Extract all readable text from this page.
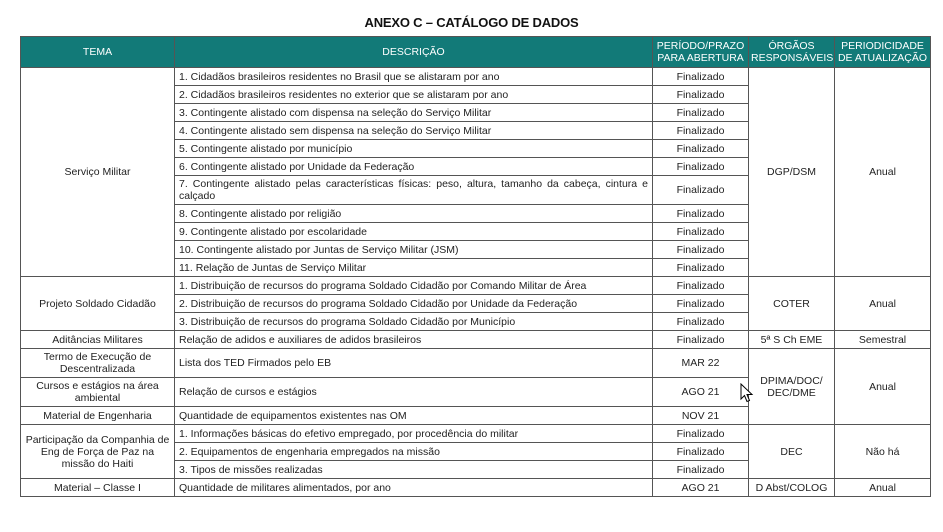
ANEXO C – CATÁLOGO DE DADOS
TEMA	DESCRIÇÃO	PERÍODO/PRAZO PARA ABERTURA	ÓRGÃOS RESPONSÁVEIS	PERIODICIDADE DE ATUALIZAÇÃO
Serviço Militar	1. Cidadãos brasileiros residentes no Brasil que se alistaram por ano	Finalizado	DGP/DSM	Anual
	2. Cidadãos brasileiros residentes no exterior que se alistaram por ano	Finalizado		
	3. Contingente alistado com dispensa na seleção do Serviço Militar	Finalizado		
	4. Contingente alistado sem dispensa na seleção do Serviço Militar	Finalizado		
	5. Contingente alistado por município	Finalizado		
	6. Contingente alistado por Unidade da Federação	Finalizado		
	7. Contingente alistado pelas características físicas: peso, altura, tamanho da cabeça, cintura e calçado	Finalizado		
	8. Contingente alistado por religião	Finalizado		
	9. Contingente alistado por escolaridade	Finalizado		
	10. Contingente alistado por Juntas de Serviço Militar (JSM)	Finalizado		
	11. Relação de Juntas de Serviço Militar	Finalizado		
Projeto Soldado Cidadão	1. Distribuição de recursos do programa Soldado Cidadão por Comando Militar de Área	Finalizado	COTER	Anual
	2. Distribuição de recursos do programa Soldado Cidadão por Unidade da Federação	Finalizado		
	3. Distribuição de recursos do programa Soldado Cidadão por Município	Finalizado		
Aditâncias Militares	Relação de adidos e auxiliares de adidos brasileiros	Finalizado	5ª S Ch EME	Semestral
Termo de Execução de Descentralizada	Lista dos TED Firmados pelo EB	MAR 22	DPIMA/DOC/ DEC/DME	Anual
Cursos e estágios na área ambiental	Relação de cursos e estágios	AGO 21		
Material de Engenharia	Quantidade de equipamentos existentes nas OM	NOV 21		
Participação da Companhia de Eng de Força de Paz na missão do Haiti	1. Informações básicas do efetivo empregado, por procedência do militar	Finalizado	DEC	Não há
	2. Equipamentos de engenharia empregados na missão	Finalizado		
	3. Tipos de missões realizadas	Finalizado		
Material – Classe I	Quantidade de militares alimentados, por ano	AGO 21	D Abst/COLOG	Anual
